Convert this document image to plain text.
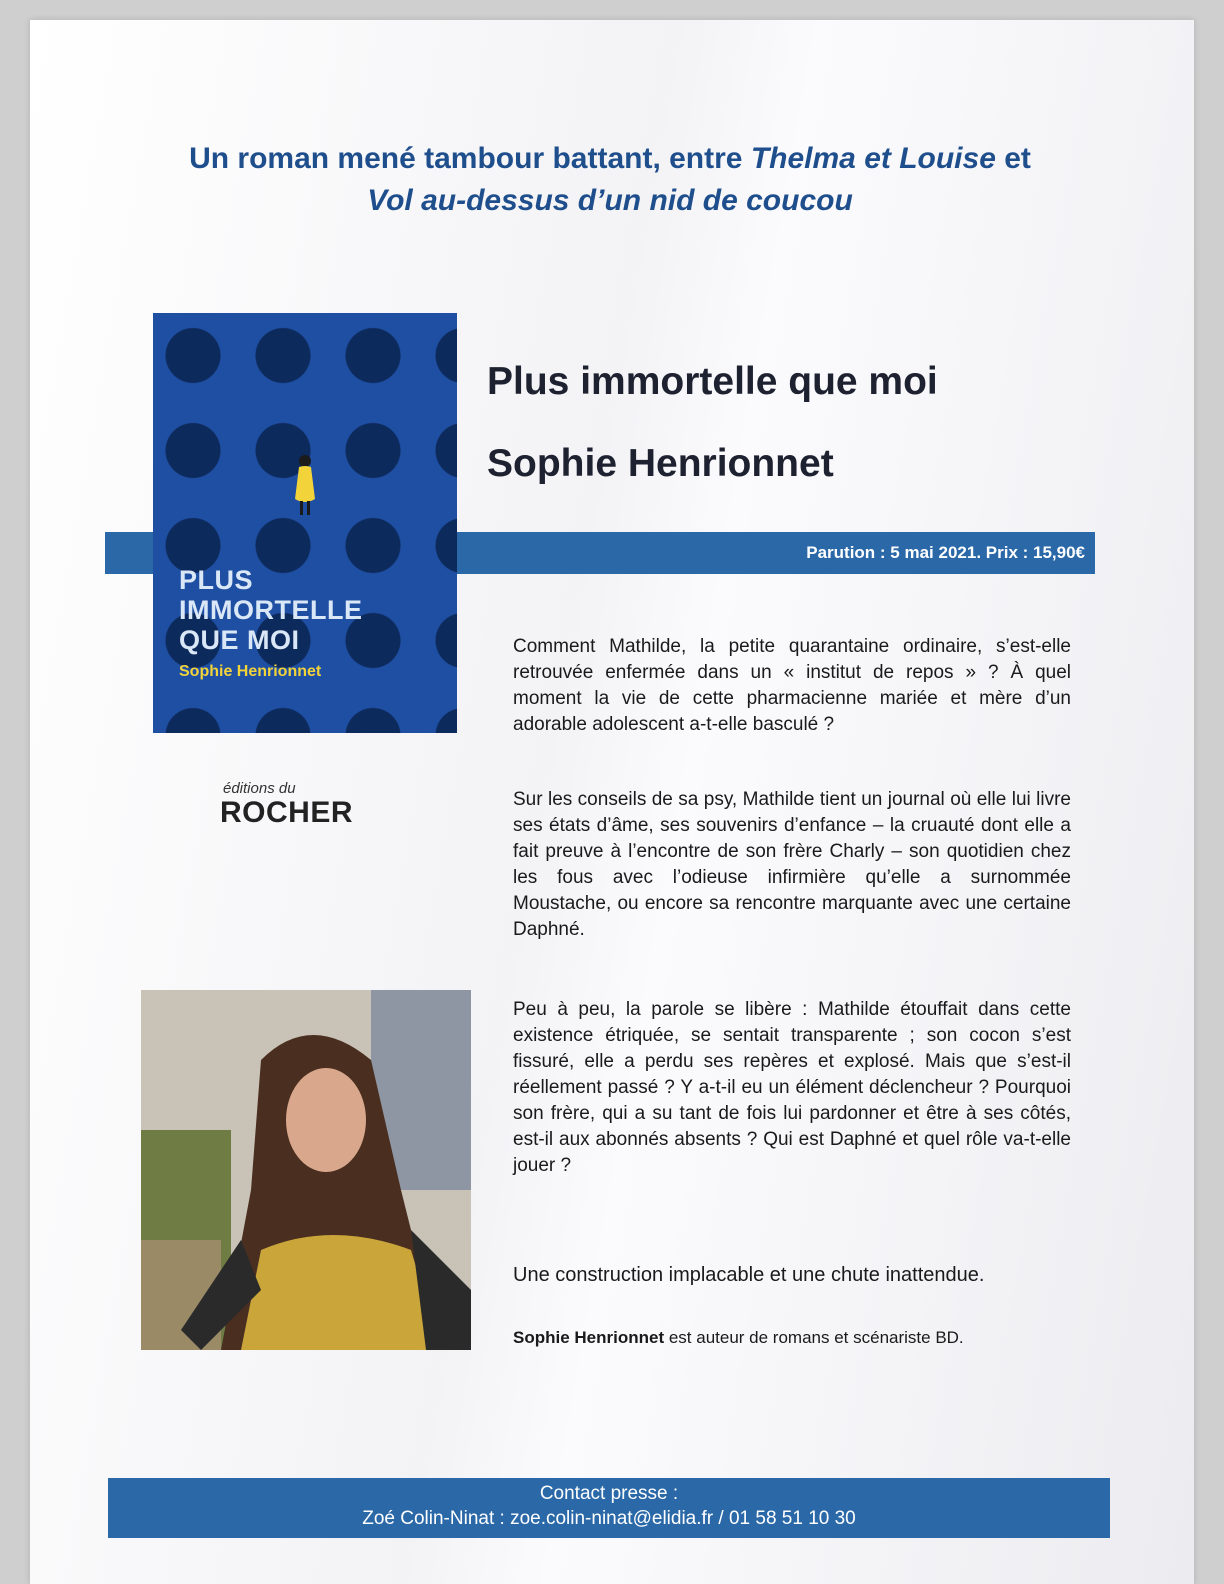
Un roman mené tambour battant, entre Thelma et Louise et
Vol au-dessus d’un nid de coucou
Parution : 5 mai 2021. Prix : 15,90€
PLUS
IMMORTELLE
QUE MOI
Sophie Henrionnet
Plus immortelle que moi
Sophie Henrionnet
éditions du
ROCHER

Comment Mathilde, la petite quarantaine ordinaire, s’est-elle retrouvée enfermée dans un « institut de repos » ? À quel moment la vie de cette pharmacienne mariée et mère d’un adorable adolescent a-t-elle basculé ?

Sur les conseils de sa psy, Mathilde tient un journal où elle lui livre ses états d’âme, ses souvenirs d’enfance – la cruauté dont elle a fait preuve à l’encontre de son frère Charly – son quotidien chez les fous avec l’odieuse infirmière qu’elle a surnommée Moustache, ou encore sa rencontre marquante avec une certaine Daphné.

Peu à peu, la parole se libère : Mathilde étouffait dans cette existence étriquée, se sentait transparente ; son cocon s’est fissuré, elle a perdu ses repères et explosé. Mais que s’est-il réellement passé ? Y a-t-il eu un élément déclencheur ? Pourquoi son frère, qui a su tant de fois lui pardonner et être à ses côtés, est-il aux abonnés absents ? Qui est Daphné et quel rôle va-t-elle jouer ?

Une construction implacable et une chute inattendue.

Sophie Henrionnet est auteur de romans et scénariste BD.

Contact presse :
Zoé Colin-Ninat : zoe.colin-ninat@elidia.fr / 01 58 51 10 30
